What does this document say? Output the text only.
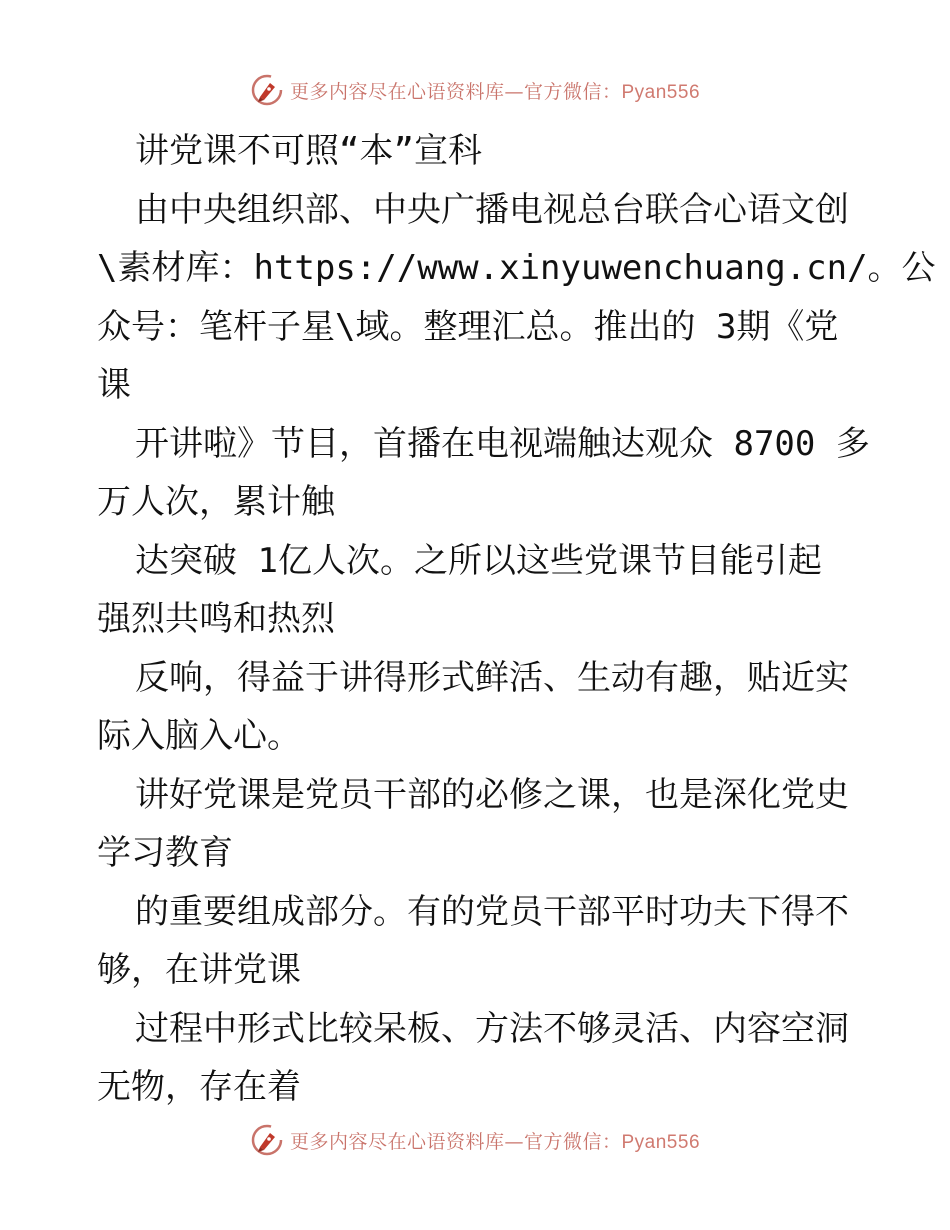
更多内容尽在心语资料库—官方微信：Pyan556
讲党课不可照“本”宣科
由中央组织部、中央广播电视总台联合心语文创
\素材库：https://www.xinyuwenchuang.cn/。公
众号：笔杆子星\域。整理汇总。推出的 3期《党
课
开讲啦》节目，首播在电视端触达观众 8700 多
万人次，累计触
达突破 1亿人次。之所以这些党课节目能引起
强烈共鸣和热烈
反响，得益于讲得形式鲜活、生动有趣，贴近实
际入脑入心。
讲好党课是党员干部的必修之课，也是深化党史
学习教育
的重要组成部分。有的党员干部平时功夫下得不
够，在讲党课
过程中形式比较呆板、方法不够灵活、内容空洞
无物，存在着
更多内容尽在心语资料库—官方微信：Pyan556
